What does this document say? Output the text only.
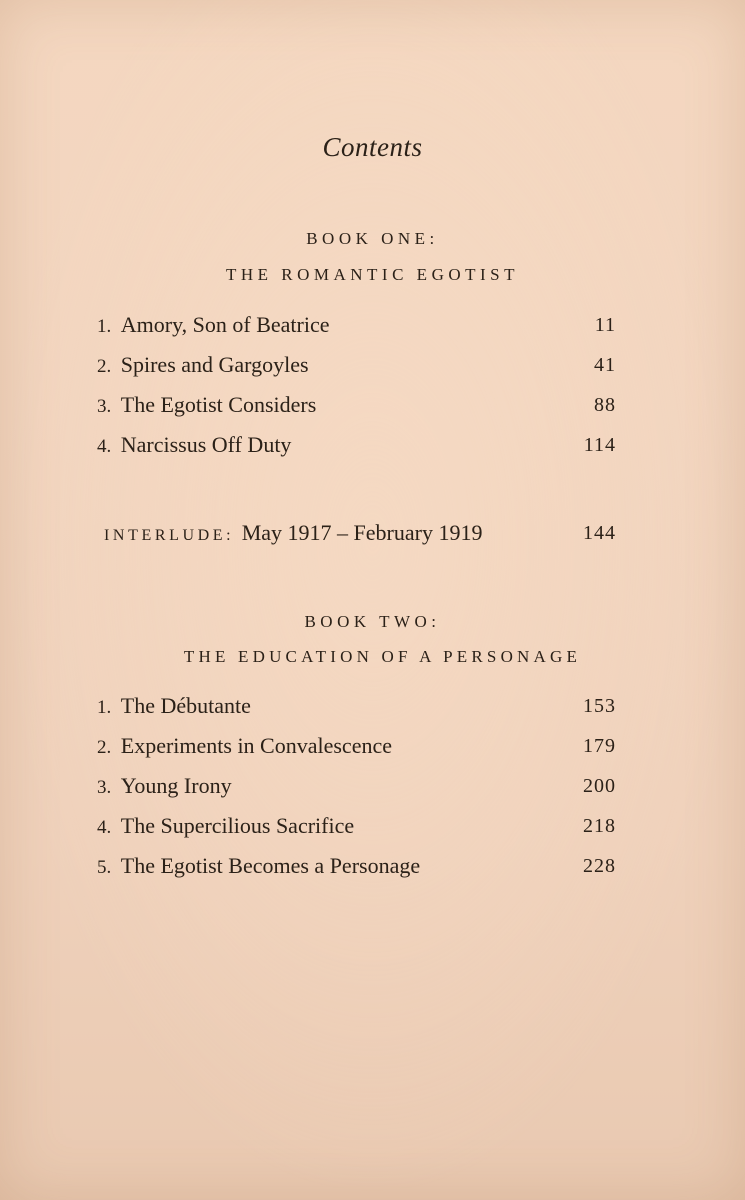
Contents
BOOK ONE:
THE ROMANTIC EGOTIST
1. Amory, Son of Beatrice	11
2. Spires and Gargoyles	41
3. The Egotist Considers	88
4. Narcissus Off Duty	114
INTERLUDE: May 1917 – February 1919	144
BOOK TWO:
THE EDUCATION OF A PERSONAGE
1. The Débutante	153
2. Experiments in Convalescence	179
3. Young Irony	200
4. The Supercilious Sacrifice	218
5. The Egotist Becomes a Personage	228
